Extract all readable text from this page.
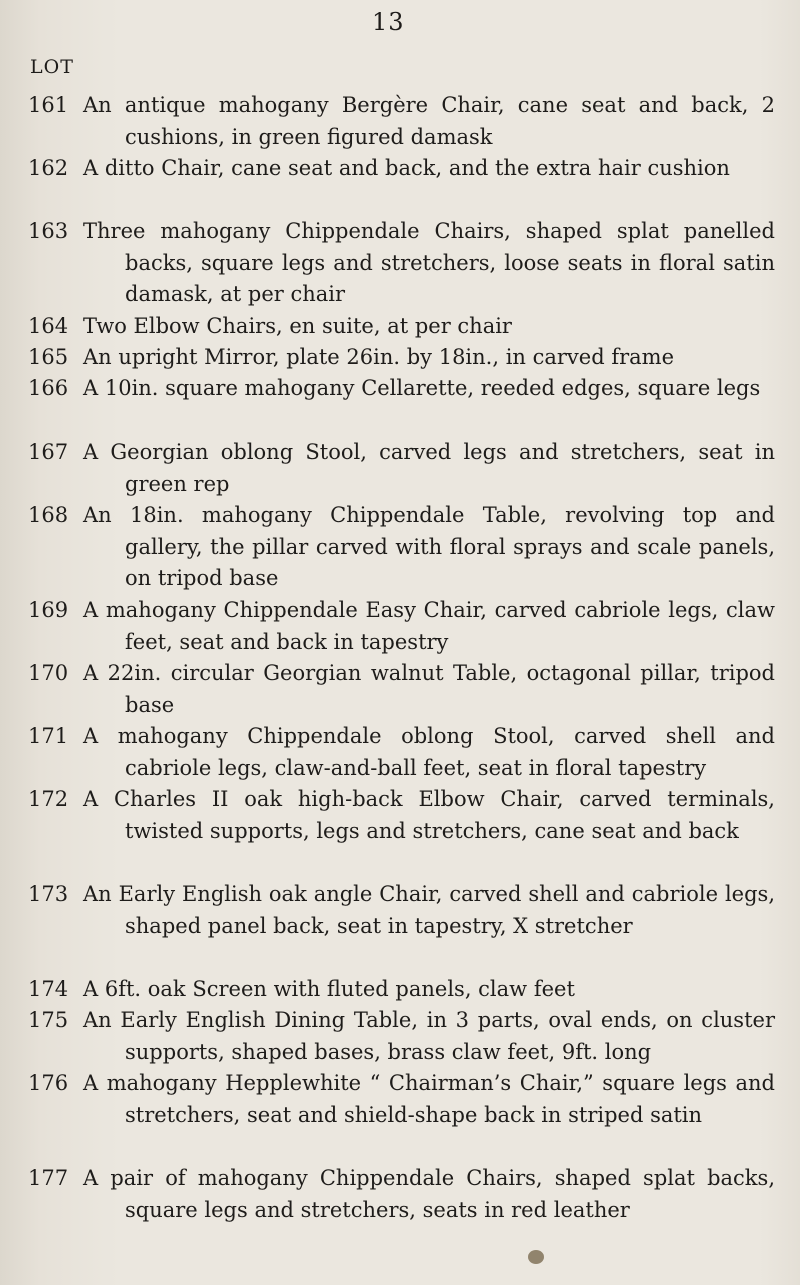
13
LOT
161 An antique mahogany Bergère Chair, cane seat and back, 2 cushions, in green figured damask
162 A ditto Chair, cane seat and back, and the extra hair cushion
163 Three mahogany Chippendale Chairs, shaped splat panelled backs, square legs and stretchers, loose seats in floral satin damask, at per chair
164 Two Elbow Chairs, en suite, at per chair
165 An upright Mirror, plate 26in. by 18in., in carved frame
166 A 10in. square mahogany Cellarette, reeded edges, square legs
167 A Georgian oblong Stool, carved legs and stretchers, seat in green rep
168 An 18in. mahogany Chippendale Table, revolving top and gallery, the pillar carved with floral sprays and scale panels, on tripod base
169 A mahogany Chippendale Easy Chair, carved cabriole legs, claw feet, seat and back in tapestry
170 A 22in. circular Georgian walnut Table, octagonal pillar, tripod base
171 A mahogany Chippendale oblong Stool, carved shell and cabriole legs, claw-and-ball feet, seat in floral tapestry
172 A Charles II oak high-back Elbow Chair, carved terminals, twisted supports, legs and stretchers, cane seat and back
173 An Early English oak angle Chair, carved shell and cabriole legs, shaped panel back, seat in tapestry, X stretcher
174 A 6ft. oak Screen with fluted panels, claw feet
175 An Early English Dining Table, in 3 parts, oval ends, on cluster supports, shaped bases, brass claw feet, 9ft. long
176 A mahogany Hepplewhite “ Chairman’s Chair,” square legs and stretchers, seat and shield-shape back in striped satin
177 A pair of mahogany Chippendale Chairs, shaped splat backs, square legs and stretchers, seats in red leather
